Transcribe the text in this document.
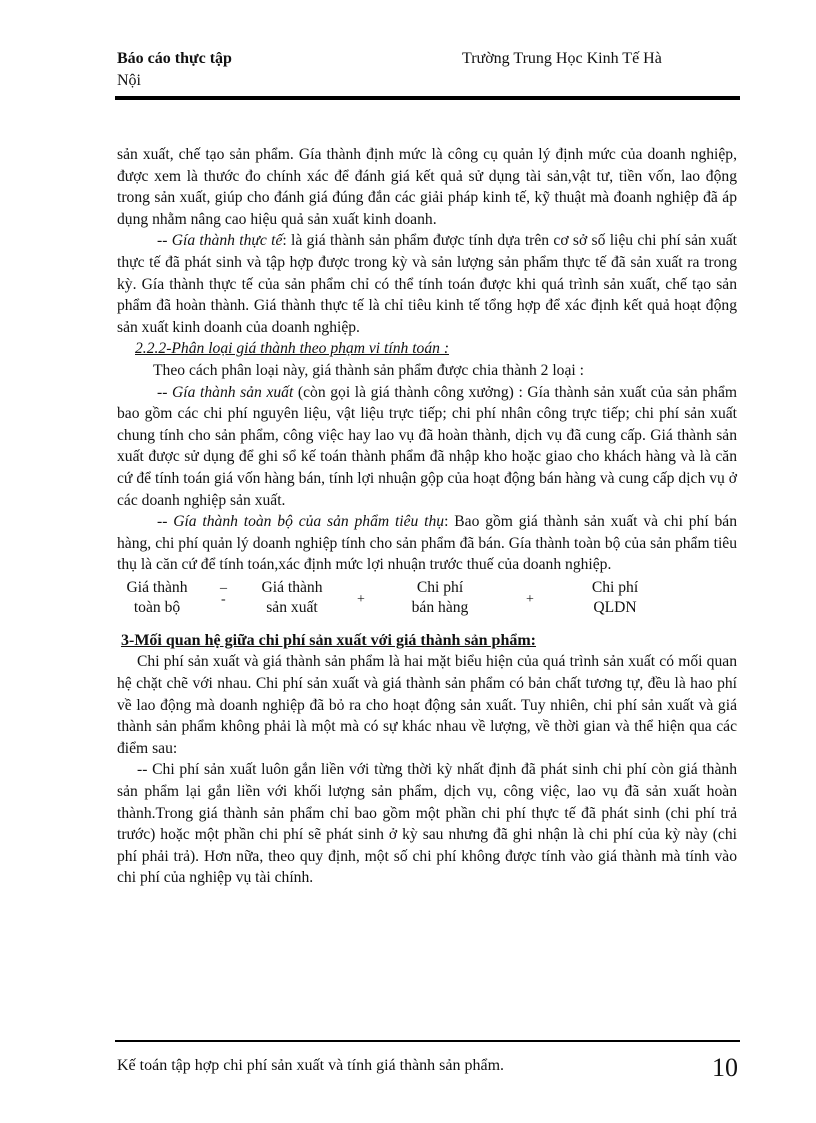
Báo cáo thực tập	Trường Trung Học Kinh Tế Hà
Nội

sản xuất, chế tạo sản phẩm. Gía thành định mức là công cụ quản lý định mức của doanh nghiệp, được xem là thước đo chính xác để đánh giá kết quả sử dụng tài sản,vật tư, tiền vốn, lao động trong sản xuất, giúp cho đánh giá đúng đắn các giải pháp kinh tế, kỹ thuật mà đoanh nghiệp đã áp dụng nhằm nâng cao hiệu quả sản xuất kinh doanh.

-- Gía thành thực tế: là giá thành sản phẩm được tính dựa trên cơ sở số liệu chi phí sản xuất thực tế đã phát sinh và tập hợp được trong kỳ và sản lượng sản phẩm thực tế đã sản xuất ra trong kỳ. Gía thành thực tế của sản phẩm chỉ có thể tính toán được khi quá trình sản xuất, chế tạo sản phẩm đã hoàn thành. Giá thành thực tế là chỉ tiêu kinh tế tổng hợp để xác định kết quả hoạt động sản xuất kinh doanh của doanh nghiệp.

2.2.2-Phân loại giá thành theo phạm vi tính toán :

Theo cách phân loại này, giá thành sản phẩm được chia thành 2 loại :

-- Gía thành sản xuất (còn gọi là giá thành công xưởng) : Gía thành sản xuất của sản phẩm bao gồm các chi phí nguyên liệu, vật liệu trực tiếp; chi phí nhân công trực tiếp; chi phí sản xuất chung tính cho sản phẩm, công việc hay lao vụ đã hoàn thành, dịch vụ đã cung cấp. Giá thành sản xuất được sử dụng để ghi sổ kế toán thành phẩm đã nhập kho hoặc giao cho khách hàng và là căn cứ để tính toán giá vốn hàng bán, tính lợi nhuận gộp của hoạt động bán hàng và cung cấp dịch vụ ở các doanh nghiệp sản xuất.

-- Gía thành toàn bộ của sản phẩm tiêu thụ: Bao gồm giá thành sản xuất và chi phí bán hàng, chi phí quản lý doanh nghiệp tính cho sản phẩm đã bán. Gía thành toàn bộ của sản phẩm tiêu thụ là căn cứ để tính toán,xác định mức lợi nhuận trước thuế của doanh nghiệp.

Giá thành
toàn bộ
_
-
Giá thành
sản xuất	+
Chi phí
bán hàng	+
Chi phí
QLDN

3-Mối quan hệ giữa chi phí sản xuất với giá thành sản phẩm:

Chi phí sản xuất và giá thành sản phẩm là hai mặt biểu hiện của quá trình sản xuất có mối quan hệ chặt chẽ với nhau. Chi phí sản xuất và giá thành sản phẩm có bản chất tương tự, đều là hao phí về lao động mà doanh nghiệp đã bỏ ra cho hoạt động sản xuất. Tuy nhiên, chi phí sản xuất và giá thành sản phẩm không phải là một mà có sự khác nhau về lượng, về thời gian và thể hiện qua các điểm sau:

-- Chi phí sản xuất luôn gắn liền với từng thời kỳ nhất định đã phát sinh chi phí còn giá thành sản phẩm lại gắn liền với khối lượng sản phẩm, dịch vụ, công việc, lao vụ đã sản xuất hoàn thành.Trong giá thành sản phẩm chỉ bao gồm một phần chi phí thực tế đã phát sinh (chi phí trả trước) hoặc một phần chi phí sẽ phát sinh ở kỳ sau nhưng đã ghi nhận là chi phí của kỳ này (chi phí phải trả). Hơn nữa, theo quy định, một số chi phí không được tính vào giá thành mà tính vào chi phí của nghiệp vụ tài chính.

Kế toán tập hợp chi phí sản xuất và tính giá thành sản phẩm.	10
